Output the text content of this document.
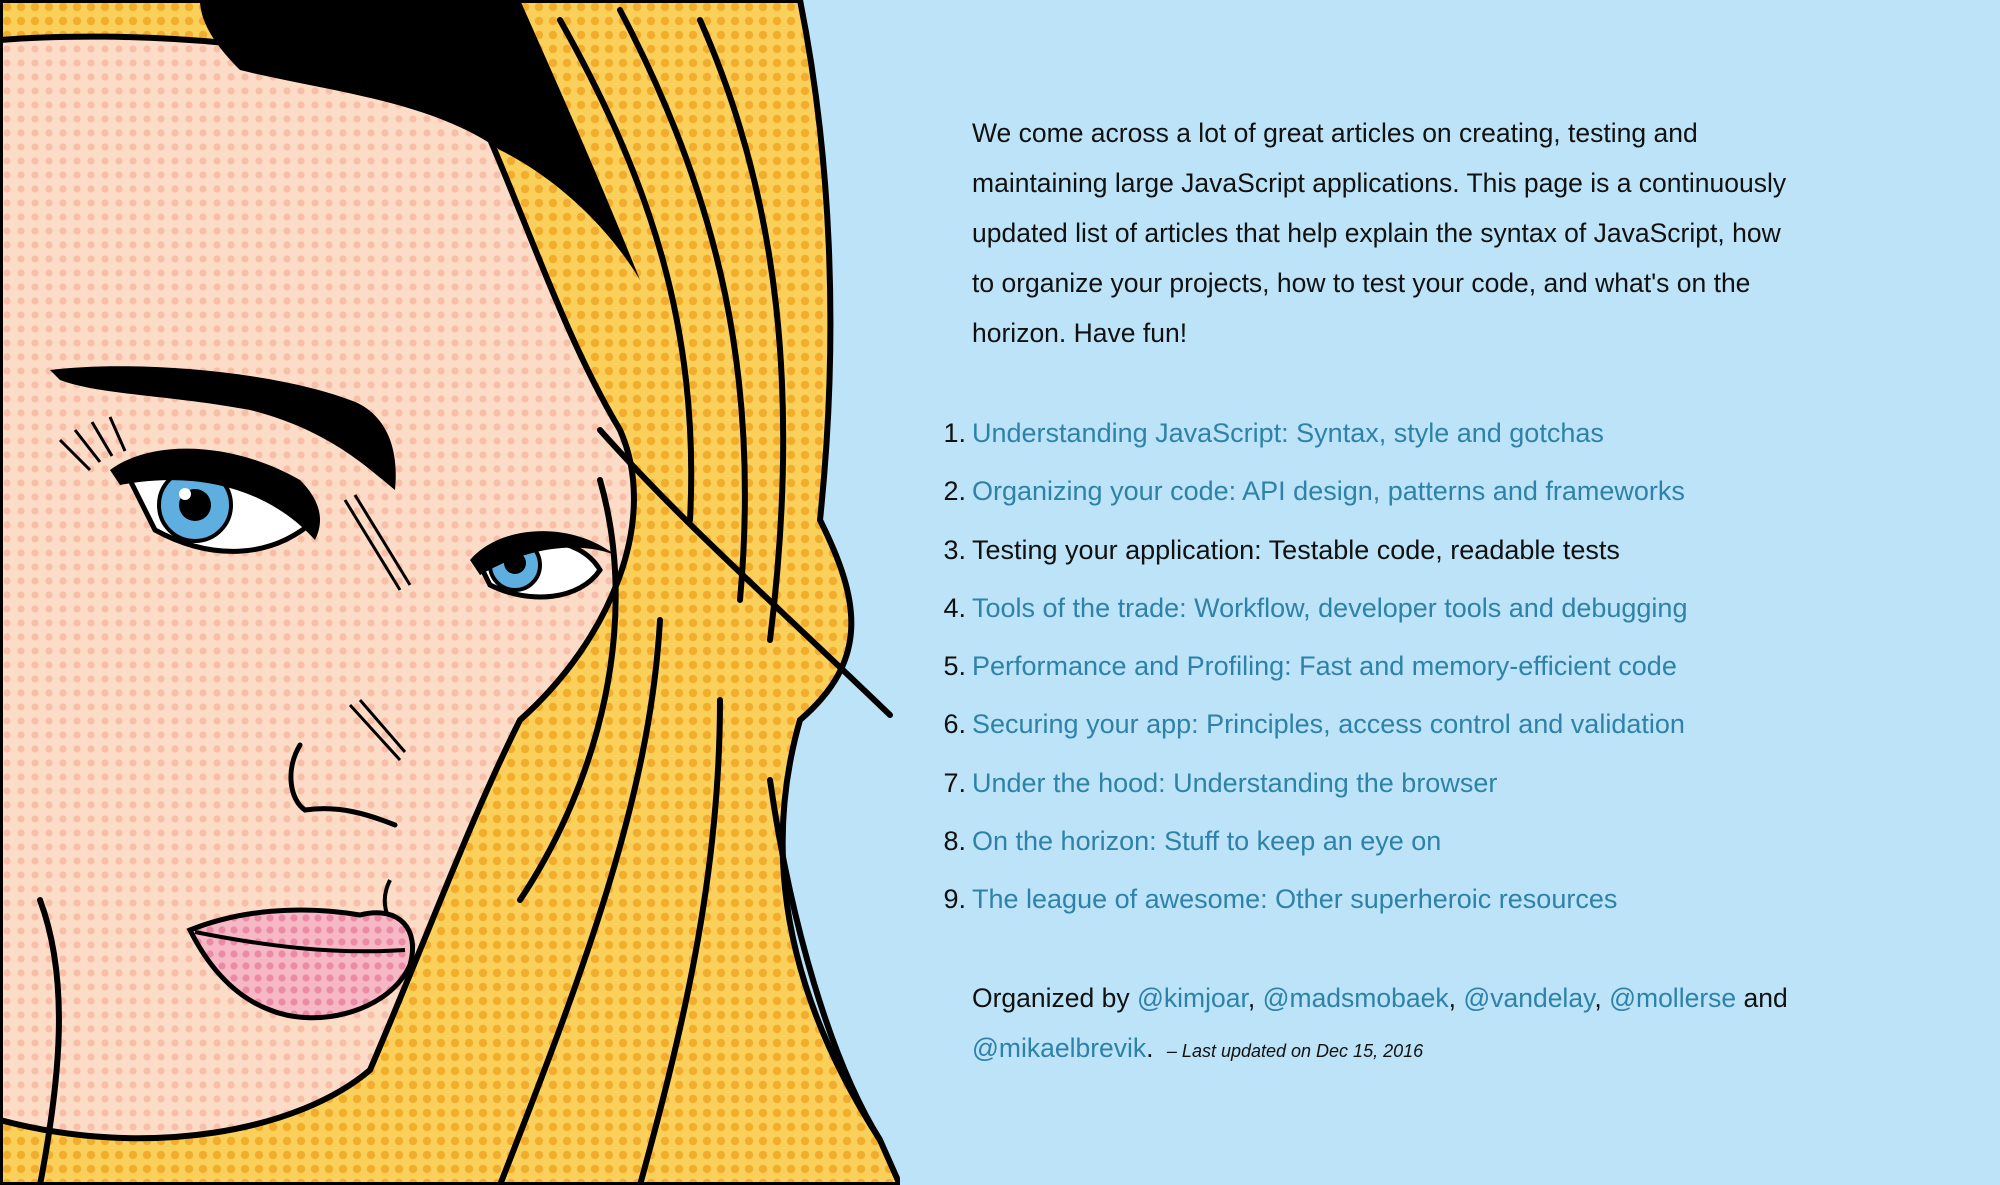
We come across a lot of great articles on creating, testing and maintaining large JavaScript applications. This page is a continuously updated list of articles that help explain the syntax of JavaScript, how to organize your projects, how to test your code, and what's on the horizon. Have fun!

1. Understanding JavaScript: Syntax, style and gotchas
2. Organizing your code: API design, patterns and frameworks
3. Testing your application: Testable code, readable tests
4. Tools of the trade: Workflow, developer tools and debugging
5. Performance and Profiling: Fast and memory-efficient code
6. Securing your app: Principles, access control and validation
7. Under the hood: Understanding the browser
8. On the horizon: Stuff to keep an eye on
9. The league of awesome: Other superheroic resources

Organized by @kimjoar, @madsmobaek, @vandelay, @mollerse and @mikaelbrevik. – Last updated on Dec 15, 2016
